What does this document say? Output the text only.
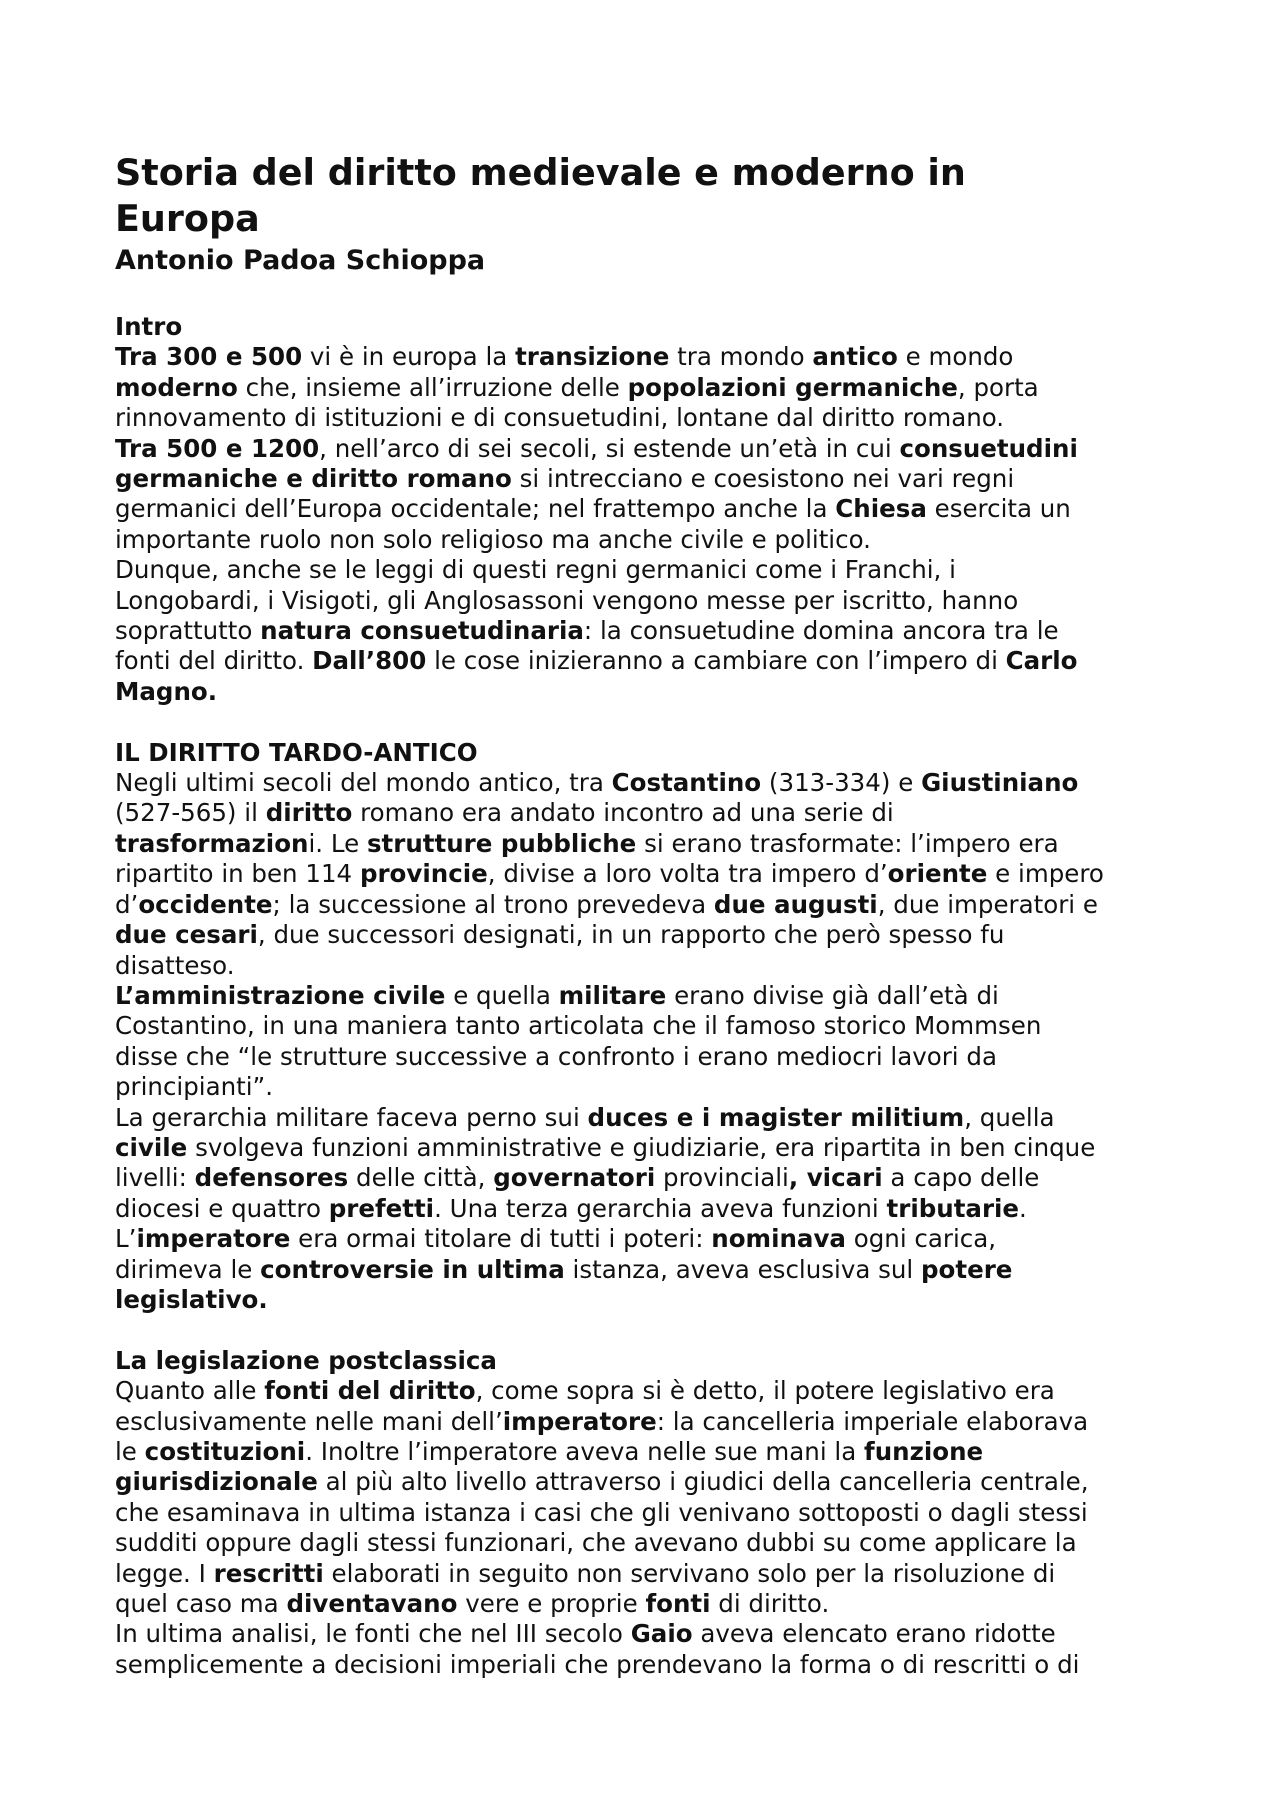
Storia del diritto medievale e moderno in
Europa
Antonio Padoa Schioppa
Intro
Tra 300 e 500 vi è in europa la transizione tra mondo antico e mondo
moderno che, insieme all’irruzione delle popolazioni germaniche, porta
rinnovamento di istituzioni e di consuetudini, lontane dal diritto romano.
Tra 500 e 1200, nell’arco di sei secoli, si estende un’età in cui consuetudini
germaniche e diritto romano si intrecciano e coesistono nei vari regni
germanici dell’Europa occidentale; nel frattempo anche la Chiesa esercita un
importante ruolo non solo religioso ma anche civile e politico.
Dunque, anche se le leggi di questi regni germanici come i Franchi, i
Longobardi, i Visigoti, gli Anglosassoni vengono messe per iscritto, hanno
soprattutto natura consuetudinaria: la consuetudine domina ancora tra le
fonti del diritto. Dall’800 le cose inizieranno a cambiare con l’impero di Carlo
Magno.
IL DIRITTO TARDO-ANTICO
Negli ultimi secoli del mondo antico, tra Costantino (313-334) e Giustiniano
(527-565) il diritto romano era andato incontro ad una serie di
trasformazioni. Le strutture pubbliche si erano trasformate: l’impero era
ripartito in ben 114 provincie, divise a loro volta tra impero d’oriente e impero
d’occidente; la successione al trono prevedeva due augusti, due imperatori e
due cesari, due successori designati, in un rapporto che però spesso fu
disatteso.
L’amministrazione civile e quella militare erano divise già dall’età di
Costantino, in una maniera tanto articolata che il famoso storico Mommsen
disse che “le strutture successive a confronto i erano mediocri lavori da
principianti”.
La gerarchia militare faceva perno sui duces e i magister militium, quella
civile svolgeva funzioni amministrative e giudiziarie, era ripartita in ben cinque
livelli: defensores delle città, governatori provinciali, vicari a capo delle
diocesi e quattro prefetti. Una terza gerarchia aveva funzioni tributarie.
L’imperatore era ormai titolare di tutti i poteri: nominava ogni carica,
dirimeva le controversie in ultima istanza, aveva esclusiva sul potere
legislativo.
La legislazione postclassica
Quanto alle fonti del diritto, come sopra si è detto, il potere legislativo era
esclusivamente nelle mani dell’imperatore: la cancelleria imperiale elaborava
le costituzioni. Inoltre l’imperatore aveva nelle sue mani la funzione
giurisdizionale al più alto livello attraverso i giudici della cancelleria centrale,
che esaminava in ultima istanza i casi che gli venivano sottoposti o dagli stessi
sudditi oppure dagli stessi funzionari, che avevano dubbi su come applicare la
legge. I rescritti elaborati in seguito non servivano solo per la risoluzione di
quel caso ma diventavano vere e proprie fonti di diritto.
In ultima analisi, le fonti che nel III secolo Gaio aveva elencato erano ridotte
semplicemente a decisioni imperiali che prendevano la forma o di rescritti o di
